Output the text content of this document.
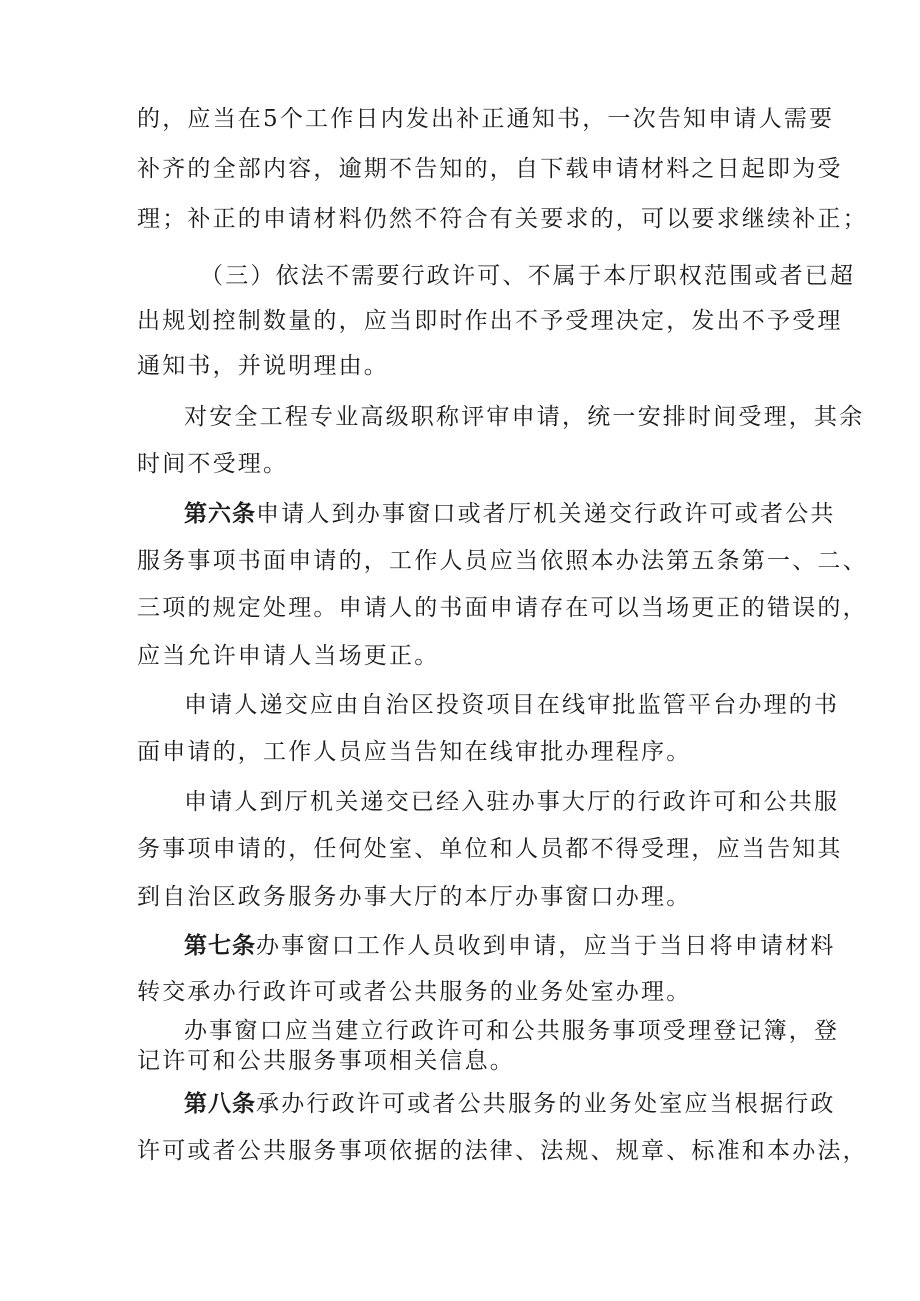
的，应当在5个工作日内发出补正通知书，一次告知申请人需要
补齐的全部内容，逾期不告知的，自下载申请材料之日起即为受
理；补正的申请材料仍然不符合有关要求的，可以要求继续补正；
（三）依法不需要行政许可、不属于本厅职权范围或者已超
出规划控制数量的，应当即时作出不予受理决定，发出不予受理
通知书，并说明理由。
对安全工程专业高级职称评审申请，统一安排时间受理，其余
时间不受理。
第六条申请人到办事窗口或者厅机关递交行政许可或者公共
服务事项书面申请的，工作人员应当依照本办法第五条第一、二、
三项的规定处理。申请人的书面申请存在可以当场更正的错误的，
应当允许申请人当场更正。
申请人递交应由自治区投资项目在线审批监管平台办理的书
面申请的，工作人员应当告知在线审批办理程序。
申请人到厅机关递交已经入驻办事大厅的行政许可和公共服
务事项申请的，任何处室、单位和人员都不得受理，应当告知其
到自治区政务服务办事大厅的本厅办事窗口办理。
第七条办事窗口工作人员收到申请，应当于当日将申请材料
转交承办行政许可或者公共服务的业务处室办理。
办事窗口应当建立行政许可和公共服务事项受理登记簿，登
记许可和公共服务事项相关信息。
第八条承办行政许可或者公共服务的业务处室应当根据行政
许可或者公共服务事项依据的法律、法规、规章、标准和本办法，
